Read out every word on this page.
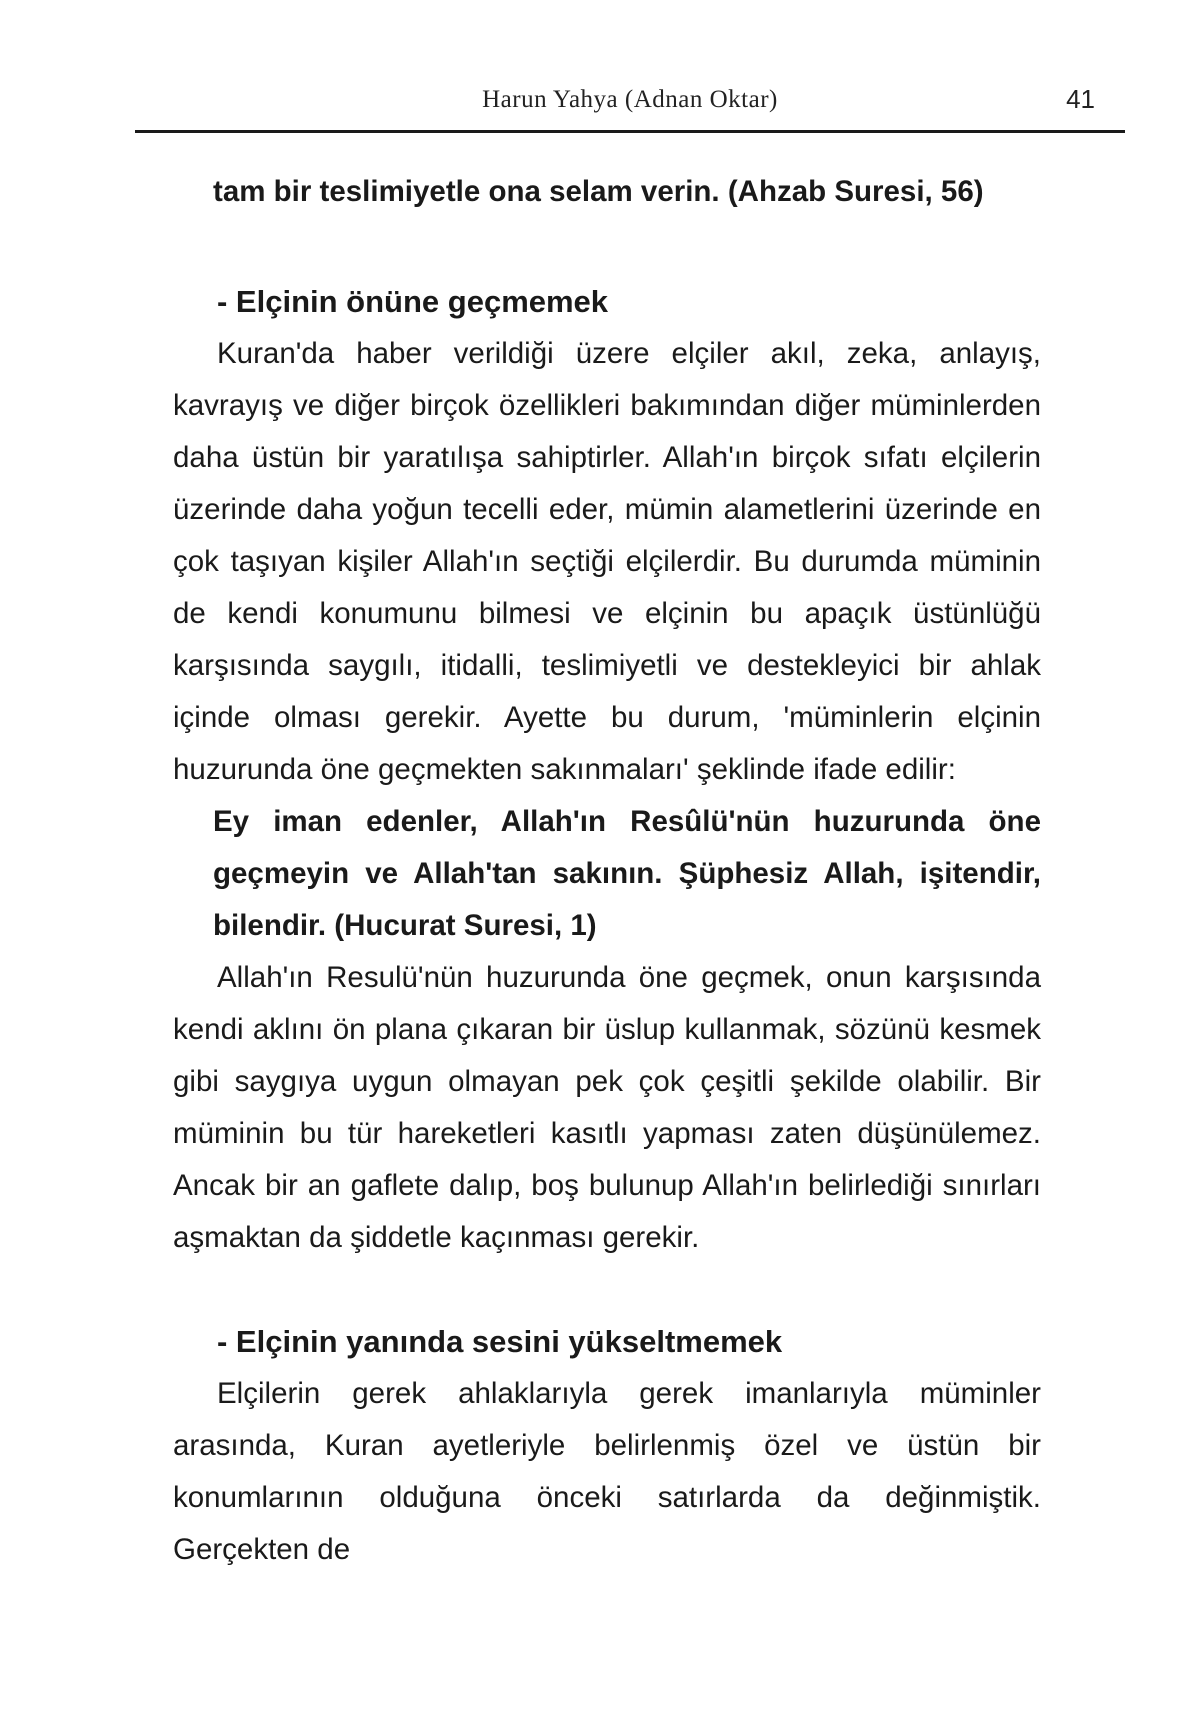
Harun Yahya (Adnan Oktar)	41

tam bir teslimiyetle ona selam verin. (Ahzab Suresi, 56)

- Elçinin önüne geçmemek

Kuran'da haber verildiği üzere elçiler akıl, zeka, anlayış, kavrayış ve diğer birçok özellikleri bakımından diğer müminlerden daha üstün bir yaratılışa sahiptirler. Allah'ın birçok sıfatı elçilerin üzerinde daha yoğun tecelli eder, mümin alametlerini üzerinde en çok taşıyan kişiler Allah'ın seçtiği elçilerdir. Bu durumda müminin de kendi konumunu bilmesi ve elçinin bu apaçık üstünlüğü karşısında saygılı, itidalli, teslimiyetli ve destekleyici bir ahlak içinde olması gerekir. Ayette bu durum, 'müminlerin elçinin huzurunda öne geçmekten sakınmaları' şeklinde ifade edilir:

Ey iman edenler, Allah'ın Resûlü'nün huzurunda öne geçmeyin ve Allah'tan sakının. Şüphesiz Allah, işitendir, bilendir. (Hucurat Suresi, 1)

Allah'ın Resulü'nün huzurunda öne geçmek, onun karşısında kendi aklını ön plana çıkaran bir üslup kullanmak, sözünü kesmek gibi saygıya uygun olmayan pek çok çeşitli şekilde olabilir. Bir müminin bu tür hareketleri kasıtlı yapması zaten düşünülemez. Ancak bir an gaflete dalıp, boş bulunup Allah'ın belirlediği sınırları aşmaktan da şiddetle kaçınması gerekir.

- Elçinin yanında sesini yükseltmemek

Elçilerin gerek ahlaklarıyla gerek imanlarıyla müminler arasında, Kuran ayetleriyle belirlenmiş özel ve üstün bir konumlarının olduğuna önceki satırlarda da değinmiştik. Gerçekten de
